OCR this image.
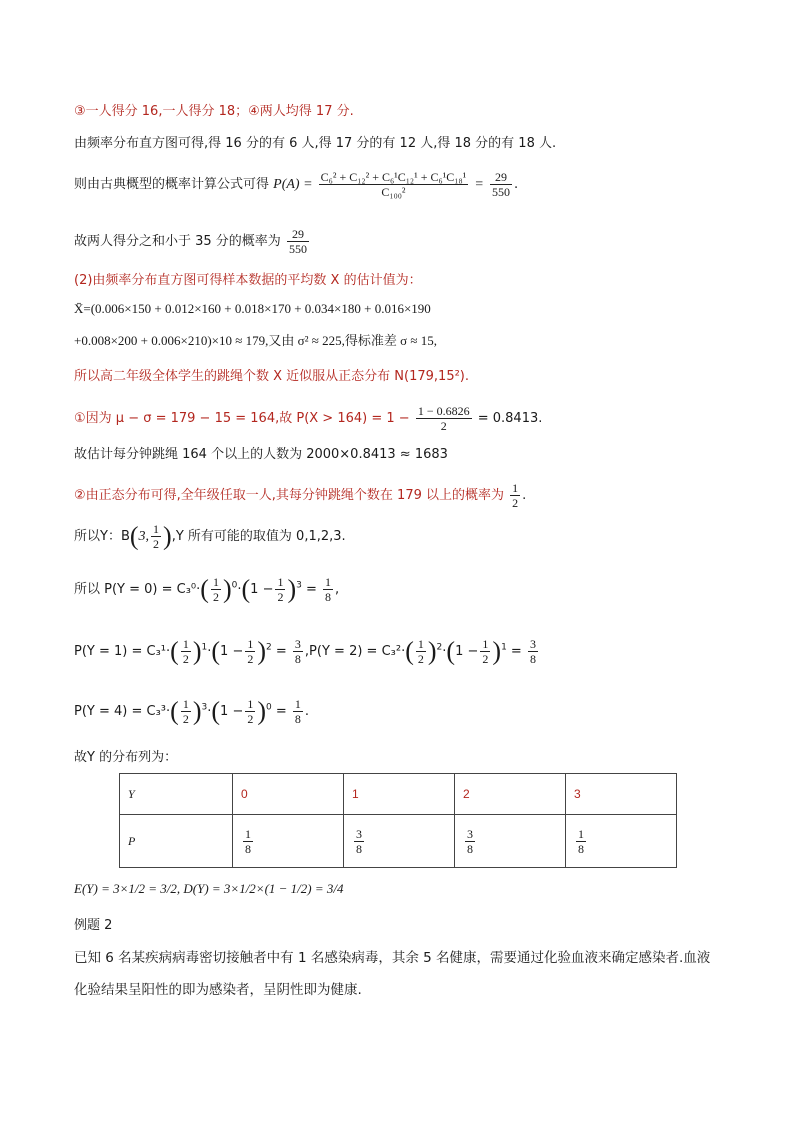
③一人得分 16,一人得分 18；④两人均得 17 分.
由频率分布直方图可得,得 16 分的有 6 人,得 17 分的有 12 人,得 18 分的有 18 人.
则由古典概型的概率计算公式可得 $P(A) = \frac{\text{C₆² + C₁₂² + C₆¹C₁₂¹ + C₆¹C₁₈¹}}{\text{C₁₀₀²}} = \frac{29}{550}$ .
故两人得分之和小于 35 分的概率为 $\frac{29}{550}$
(2)由频率分布直方图可得样本数据的平均数 X 的估计值为：
X̄=(0.006×150 + 0.012×160 + 0.018×170 + 0.034×180 + 0.016×190
+0.008×200 + 0.006×210)×10 ≈ 179,又由 σ² ≈ 225,得标准差 σ ≈ 15,
所以高二年级全体学生的跳绳个数 X 近似服从正态分布 N(179,15²).
①因为 μ − σ = 179 − 15 = 164,故 $P(X > 164) = 1 - \frac{1 - 0.6826}{2} = 0.8413$.
故估计每分钟跳绳 164 个以上的人数为 2000×0.8413 ≈ 1683
②由正态分布可得,全年级任取一人,其每分钟跳绳个数在 179 以上的概率为 $\frac{1}{2}$ .
所以Y：B(3, $\frac{1}{2} ),Y$ 所有可能的取值为 0,1,2,3.
所以 $P(Y = 0) = C_3^0\cdot( \frac{1}{2} )^0\cdot(1 - \frac{1}{2} )^3 = \frac{1}{8}$ ,
$P(Y = 1) = C_3^1\cdot( \frac{1}{2} )^1\cdot(1 - \frac{1}{2} )^2 = \frac{3}{8} ,P(Y = 2) = C_3^2\cdot( \frac{1}{2} )^2\cdot(1 - \frac{1}{2} )^1 = \frac{3}{8}$
$P(Y = 4) = C_3^3\cdot( \frac{1}{2} )^3\cdot(1 - \frac{1}{2} )^0 = \frac{1}{8}$ .
故Y 的分布列为：
Y	0	1	2	3
P	$\frac{1}{8}$	$\frac{3}{8}$	$\frac{3}{8}$	$\frac{1}{8}$
E(Y) = 3×1/2 = 3/2, D(Y) = 3×1/2×(1 − 1/2) = 3/4
例题 2
已知 6 名某疾病病毒密切接触者中有 1 名感染病毒，其余 5 名健康，需要通过化验血液来确定感染者.血液
化验结果呈阳性的即为感染者，呈阴性即为健康.
